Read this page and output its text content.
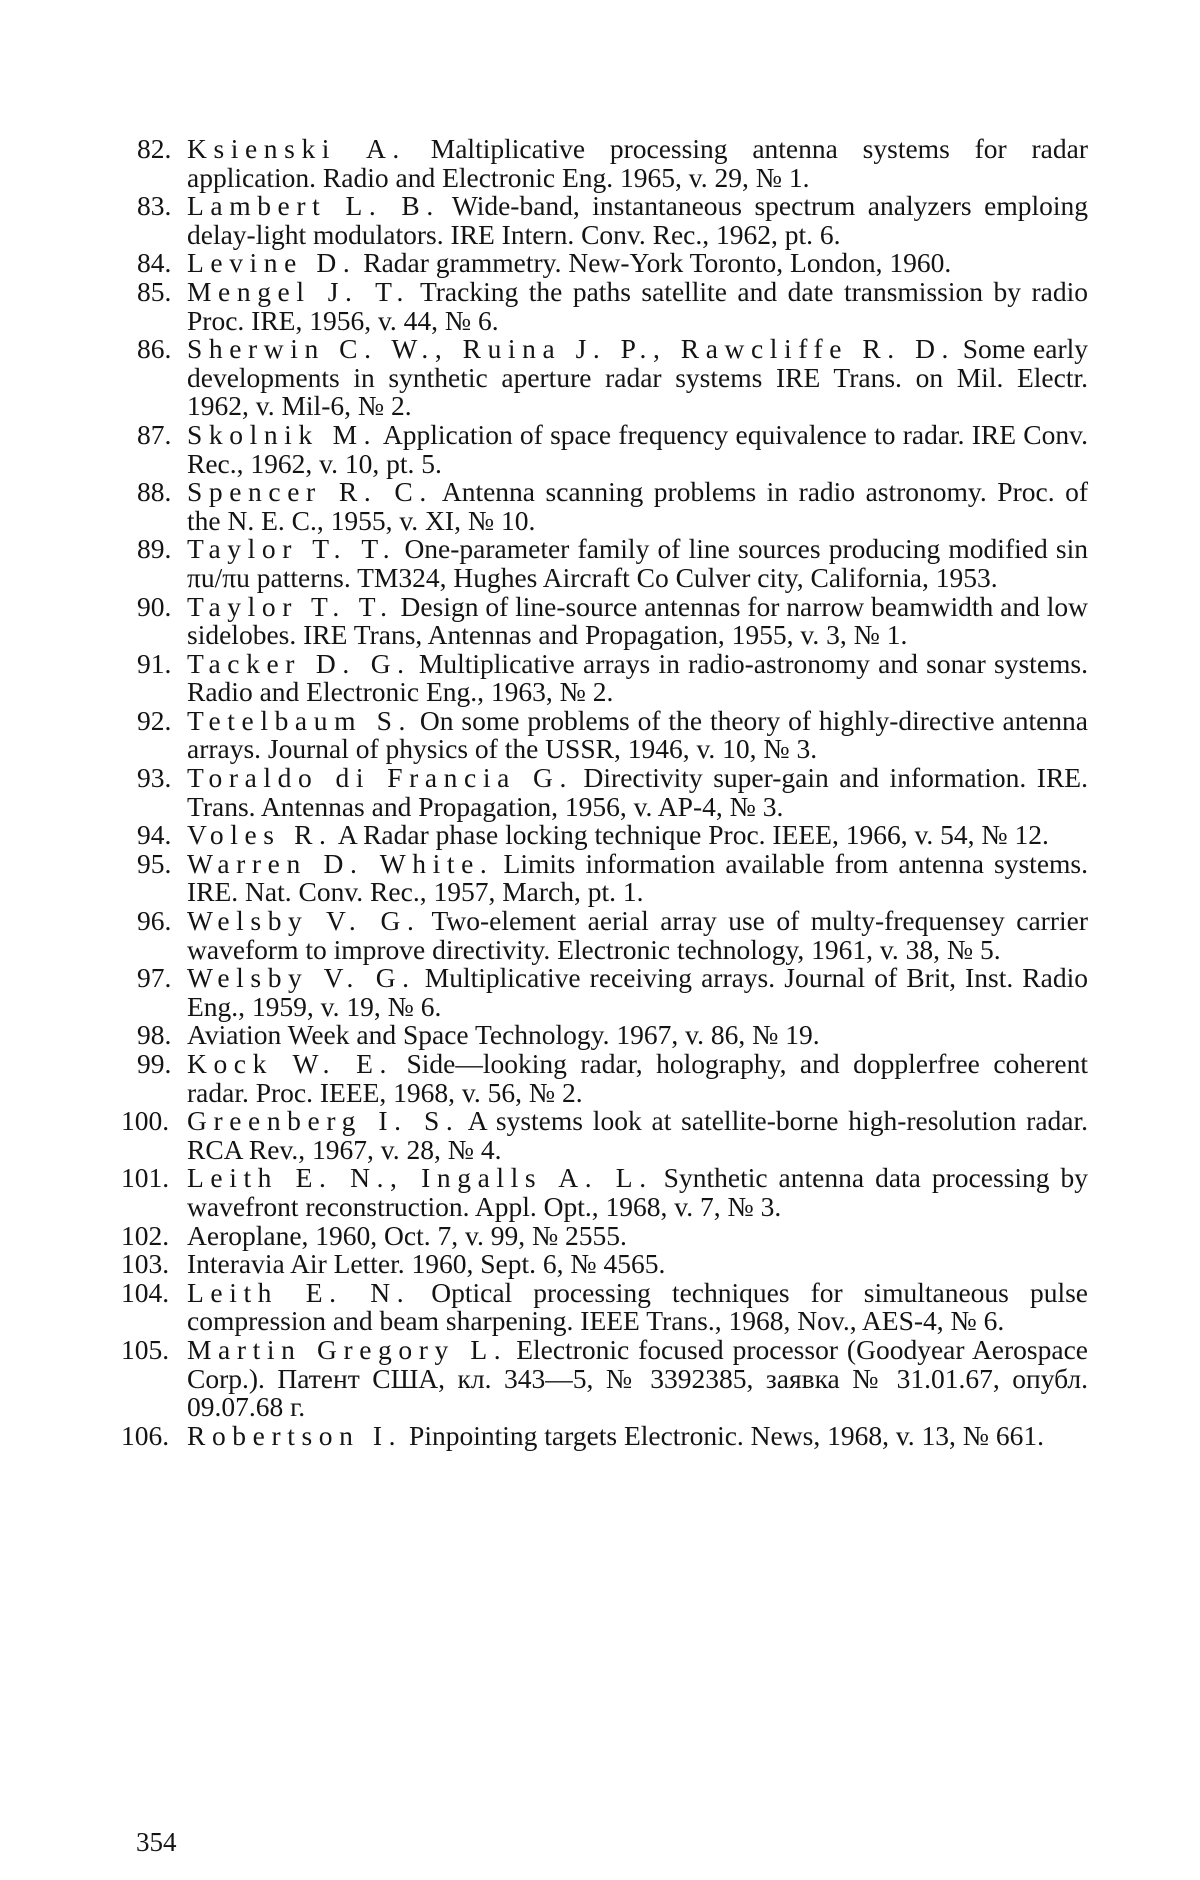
82. Ksienski A. Maltiplicative processing antenna systems for radar application. Radio and Electronic Eng. 1965, v. 29, № 1.

83. Lambert L. B. Wide-band, instantaneous spectrum analyzers emploing delay-light modulators. IRE Intern. Conv. Rec., 1962, pt. 6.

84. Levine D. Radar grammetry. New-York Toronto, London, 1960.

85. Mengel J. T. Tracking the paths satellite and date transmission by radio Proc. IRE, 1956, v. 44, № 6.

86. Sherwin C. W., Ruina J. P., Rawcliffe R. D. Some early developments in synthetic aperture radar systems IRE Trans. on Mil. Electr. 1962, v. Mil-6, № 2.

87. Skolnik M. Application of space frequency equivalence to radar. IRE Conv. Rec., 1962, v. 10, pt. 5.

88. Spencer R. C. Antenna scanning problems in radio astronomy. Proc. of the N. E. C., 1955, v. XI, № 10.

89. Taylor T. T. One-parameter family of line sources producing modified sin πu/πu patterns. TM324, Hughes Aircraft Co Culver city, California, 1953.

90. Taylor T. T. Design of line-source antennas for narrow beamwidth and low sidelobes. IRE Trans, Antennas and Propagation, 1955, v. 3, № 1.

91. Tacker D. G. Multiplicative arrays in radio-astronomy and sonar systems. Radio and Electronic Eng., 1963, № 2.

92. Tetelbaum S. On some problems of the theory of highly-directive antenna arrays. Journal of physics of the USSR, 1946, v. 10, № 3.

93. Toraldo di Francia G. Directivity super-gain and information. IRE. Trans. Antennas and Propagation, 1956, v. AP-4, № 3.

94. Voles R. A Radar phase locking technique Proc. IEEE, 1966, v. 54, № 12.

95. Warren D. White. Limits information available from antenna systems. IRE. Nat. Conv. Rec., 1957, March, pt. 1.

96. Welsby V. G. Two-element aerial array use of multy-frequensey carrier waveform to improve directivity. Electronic technology, 1961, v. 38, № 5.

97. Welsby V. G. Multiplicative receiving arrays. Journal of Brit, Inst. Radio Eng., 1959, v. 19, № 6.

98. Aviation Week and Space Technology. 1967, v. 86, № 19.

99. Kock W. E. Side—looking radar, holography, and dopplerfree coherent radar. Proc. IEEE, 1968, v. 56, № 2.

100. Greenberg I. S. A systems look at satellite-borne high-resolution radar. RCA Rev., 1967, v. 28, № 4.

101. Leith E. N., Ingalls A. L. Synthetic antenna data processing by wavefront reconstruction. Appl. Opt., 1968, v. 7, № 3.

102. Aeroplane, 1960, Oct. 7, v. 99, № 2555.

103. Interavia Air Letter. 1960, Sept. 6, № 4565.

104. Leith E. N. Optical processing techniques for simultaneous pulse compression and beam sharpening. IEEE Trans., 1968, Nov., AES-4, № 6.

105. Martin Gregory L. Electronic focused processor (Goodyear Aerospace Corp.). Патент США, кл. 343—5, № 3392385, заявка № 31.01.67, опубл. 09.07.68 г.

106. Robertson I. Pinpointing targets Electronic. News, 1968, v. 13, № 661.

354
